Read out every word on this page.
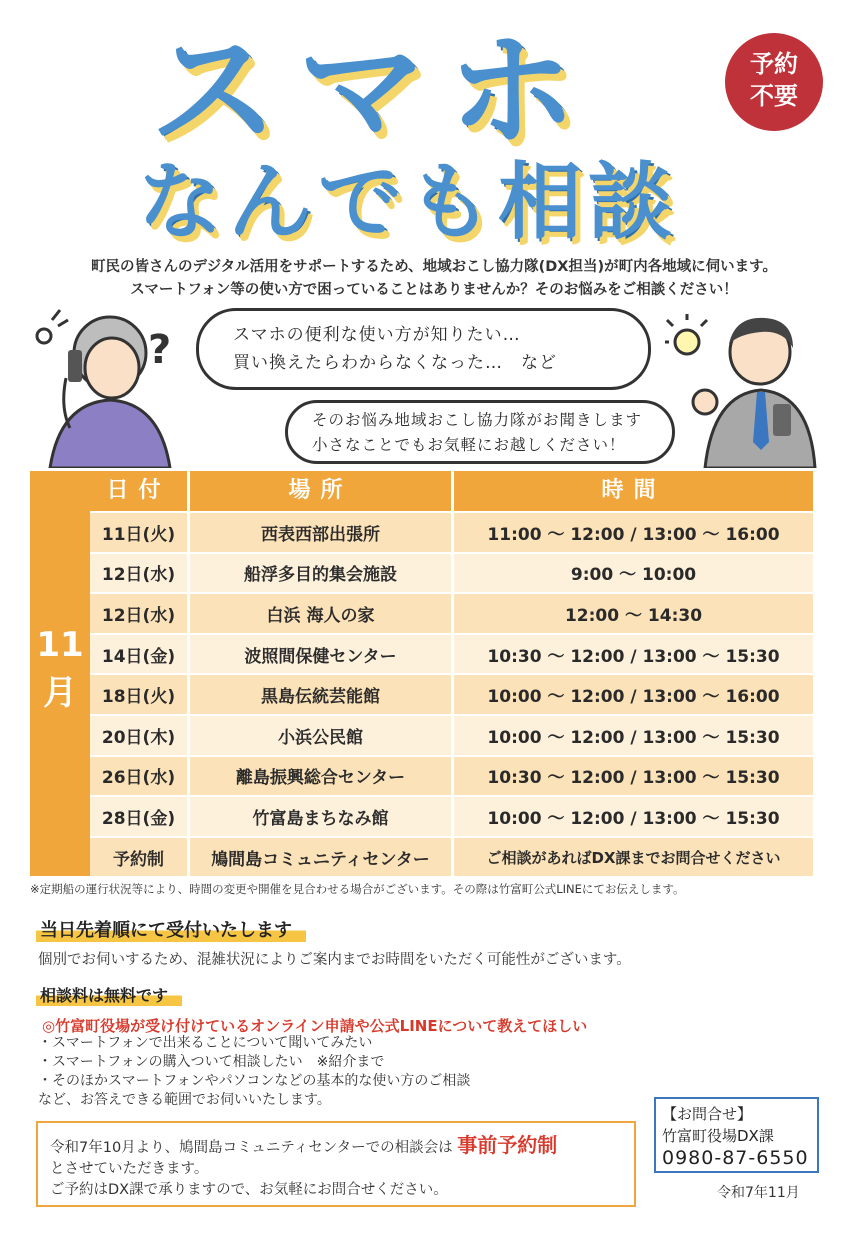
スマホ
なんでも相談
予約
不要
町民の皆さんのデジタル活用をサポートするため、地域おこし協力隊(DX担当)が町内各地域に伺います。
スマートフォン等の使い方で困っていることはありませんか？そのお悩みをご相談ください！
?	スマホの便利な使い方が知りたい…
買い換えたらわからなくなった…　など
そのお悩み地域おこし協力隊がお聞きします
小さなことでもお気軽にお越しください！
11
月
日付	場所	時間
11日(火)	西表西部出張所	11:00 ～ 12:00 / 13:00 ～ 16:00
12日(水)	船浮多目的集会施設	9:00 ～ 10:00
12日(水)	白浜 海人の家	12:00 ～ 14:30
14日(金)	波照間保健センター	10:30 ～ 12:00 / 13:00 ～ 15:30
18日(火)	黒島伝統芸能館	10:00 ～ 12:00 / 13:00 ～ 16:00
20日(木)	小浜公民館	10:00 ～ 12:00 / 13:00 ～ 15:30
26日(水)	離島振興総合センター	10:30 ～ 12:00 / 13:00 ～ 15:30
28日(金)	竹富島まちなみ館	10:00 ～ 12:00 / 13:00 ～ 15:30
予約制	鳩間島コミュニティセンター	ご相談があればDX課までお問合せください
※定期船の運行状況等により、時間の変更や開催を見合わせる場合がございます。その際は竹富町公式LINEにてお伝えします。
当日先着順にて受付いたします
個別でお伺いするため、混雑状況によりご案内までお時間をいただく可能性がございます。
相談料は無料です
◎竹富町役場が受け付けているオンライン申請や公式LINEについて教えてほしい
・スマートフォンで出来ることについて聞いてみたい
・スマートフォンの購入ついて相談したい　※紹介まで
・そのほかスマートフォンやパソコンなどの基本的な使い方のご相談
など、お答えできる範囲でお伺いいたします。
令和7年10月より、鳩間島コミュニティセンターでの相談会は 事前予約制
とさせていただきます。
ご予約はDX課で承りますので、お気軽にお問合せください。
【お問合せ】
竹富町役場DX課
0980-87-6550
令和7年11月
